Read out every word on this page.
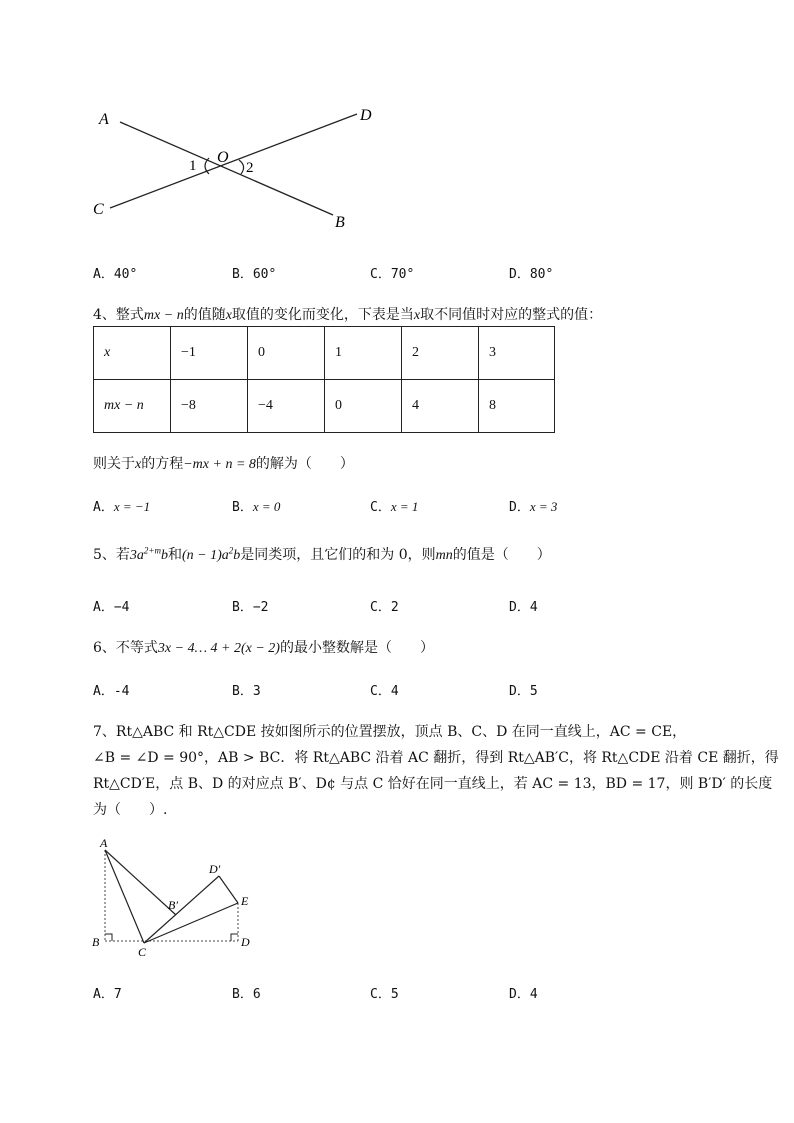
A	D
C
B
O
1	2
A．40°	B．60°	C．70°	D．80°
4、整式mx − n的值随x取值的变化而变化，下表是当x取不同值时对应的整式的值：
x	−1	0	1	2	3
mx − n	−8	−4	0	4	8
则关于x的方程−mx + n = 8的解为（　　）
A．x = −1	B．x = 0	C．x = 1	D．x = 3
5、若$3a^{2+m}b$和$(n - 1)a^2b$是同类项，且它们的和为 0，则mn的值是（　　）
A．−4	B．−2	C．2	D．4
6、不等式3x − 4… 4 + 2(x − 2)的最小整数解是（　　）
A．-4	B．3	C．4	D．5
7、Rt△ABC 和 Rt△CDE 按如图所示的位置摆放，顶点 B、C、D 在同一直线上，AC = CE，
∠B = ∠D = 90°，AB > BC．将 Rt△ABC 沿着 AC 翻折，得到 Rt△AB′C，将 Rt△CDE 沿着 CE 翻折，得
Rt△CD′E，点 B、D 的对应点 B′、D¢ 与点 C 恰好在同一直线上，若 AC = 13，BD = 17，则 B′D′ 的长度
为（　　）.
A
B
C
D
E
B′
D′
A．7	B．6	C．5	D．4
